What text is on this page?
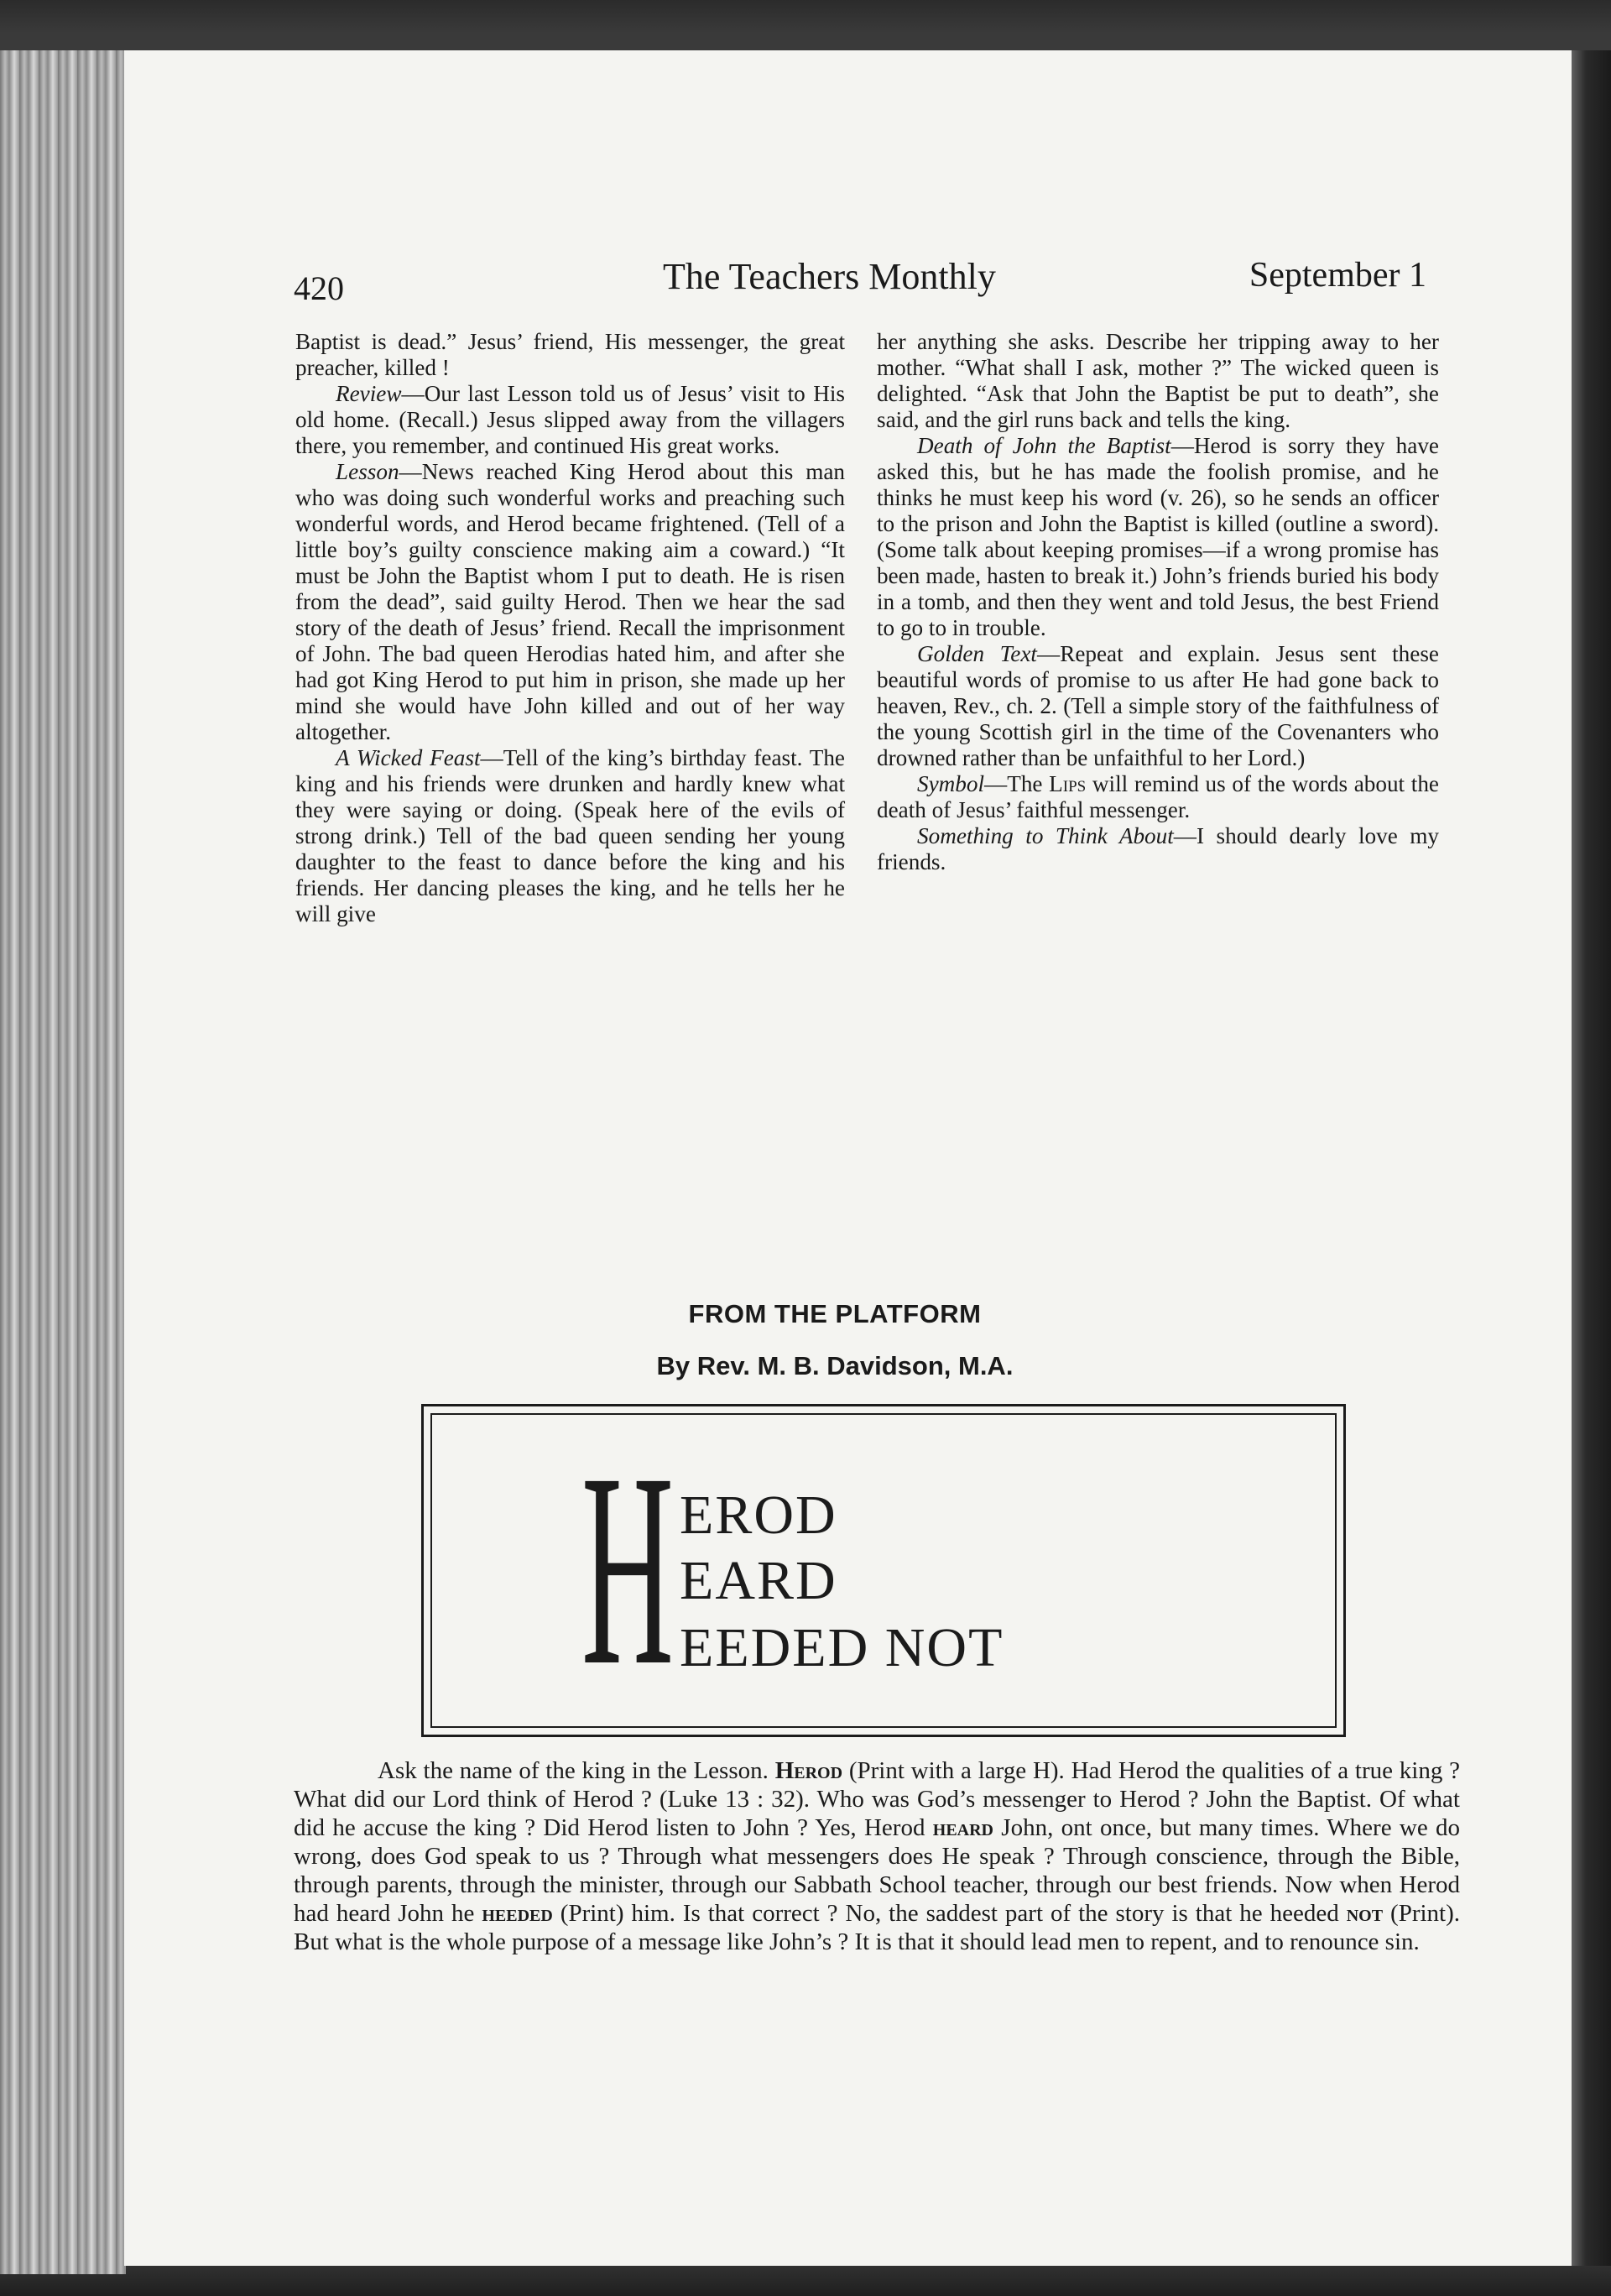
420	The Teachers Monthly	September 1

Baptist is dead.” Jesus’ friend, His messenger, the great preacher, killed !

Review—Our last Lesson told us of Jesus’ visit to His old home. (Recall.) Jesus slipped away from the villagers there, you remember, and continued His great works.

Lesson—News reached King Herod about this man who was doing such wonderful works and preaching such wonderful words, and Herod became frightened. (Tell of a little boy’s guilty conscience making aim a coward.) “It must be John the Baptist whom I put to death. He is risen from the dead”, said guilty Herod. Then we hear the sad story of the death of Jesus’ friend. Recall the imprisonment of John. The bad queen Herodias hated him, and after she had got King Herod to put him in prison, she made up her mind she would have John killed and out of her way altogether.

A Wicked Feast—Tell of the king’s birthday feast. The king and his friends were drunken and hardly knew what they were saying or doing. (Speak here of the evils of strong drink.) Tell of the bad queen sending her young daughter to the feast to dance before the king and his friends. Her dancing pleases the king, and he tells her he will give

her anything she asks. Describe her tripping away to her mother. “What shall I ask, mother ?” The wicked queen is delighted. “Ask that John the Baptist be put to death”, she said, and the girl runs back and tells the king.

Death of John the Baptist—Herod is sorry they have asked this, but he has made the foolish promise, and he thinks he must keep his word (v. 26), so he sends an officer to the prison and John the Baptist is killed (outline a sword). (Some talk about keeping promises—if a wrong promise has been made, hasten to break it.) John’s friends buried his body in a tomb, and then they went and told Jesus, the best Friend to go to in trouble.

Golden Text—Repeat and explain. Jesus sent these beautiful words of promise to us after He had gone back to heaven, Rev., ch. 2. (Tell a simple story of the faithfulness of the young Scottish girl in the time of the Covenanters who drowned rather than be unfaithful to her Lord.)

Symbol—The Lips will remind us of the words about the death of Jesus’ faithful messenger.

Something to Think About—I should dearly love my friends.

FROM THE PLATFORM
By Rev. M. B. Davidson, M.A.
H EROD
EARD
EEDED NOT

Ask the name of the king in the Lesson. Herod (Print with a large H). Had Herod the qualities of a true king ? What did our Lord think of Herod ? (Luke 13 : 32). Who was God’s messenger to Herod ? John the Baptist. Of what did he accuse the king ? Did Herod listen to John ? Yes, Herod heard John, ont once, but many times. Where we do wrong, does God speak to us ? Through what messengers does He speak ? Through conscience, through the Bible, through parents, through the minister, through our Sabbath School teacher, through our best friends. Now when Herod had heard John he heeded (Print) him. Is that correct ? No, the saddest part of the story is that he heeded not (Print). But what is the whole purpose of a message like John’s ? It is that it should lead men to repent, and to renounce sin.
